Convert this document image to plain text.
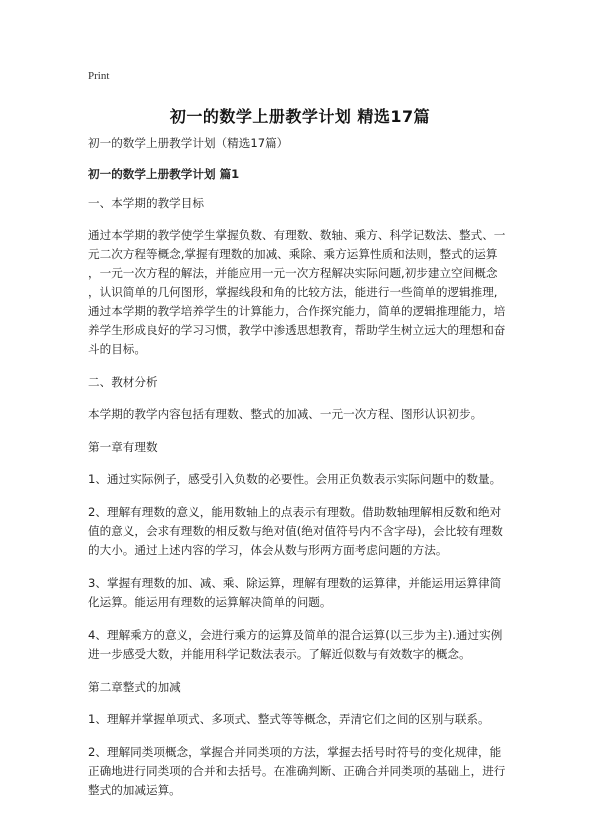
Print
初一的数学上册教学计划 精选17篇

初一的数学上册教学计划（精选17篇）

初一的数学上册教学计划 篇1

一、本学期的教学目标

通过本学期的教学使学生掌握负数、有理数、数轴、乘方、科学记数法、整式、一
元二次方程等概念,掌握有理数的加减、乘除、乘方运算性质和法则，整式的运算
，一元一次方程的解法，并能应用一元一次方程解决实际问题,初步建立空间概念
，认识简单的几何图形，掌握线段和角的比较方法，能进行一些简单的逻辑推理,
通过本学期的教学培养学生的计算能力，合作探究能力，简单的逻辑推理能力，培
养学生形成良好的学习习惯，教学中渗透思想教育，帮助学生树立远大的理想和奋
斗的目标。

二、教材分析

本学期的教学内容包括有理数、整式的加减、一元一次方程、图形认识初步。

第一章有理数

1、通过实际例子，感受引入负数的必要性。会用正负数表示实际问题中的数量。

2、理解有理数的意义，能用数轴上的点表示有理数。借助数轴理解相反数和绝对
值的意义，会求有理数的相反数与绝对值(绝对值符号内不含字母)，会比较有理数
的大小。通过上述内容的学习，体会从数与形两方面考虑问题的方法。

3、掌握有理数的加、减、乘、除运算，理解有理数的运算律，并能运用运算律简
化运算。能运用有理数的运算解决简单的问题。

4、理解乘方的意义，会进行乘方的运算及简单的混合运算(以三步为主).通过实例
进一步感受大数，并能用科学记数法表示。了解近似数与有效数字的概念。

第二章整式的加减

1、理解并掌握单项式、多项式、整式等等概念，弄清它们之间的区别与联系。

2、理解同类项概念，掌握合并同类项的方法，掌握去括号时符号的变化规律，能
正确地进行同类项的合并和去括号。在准确判断、正确合并同类项的基础上，进行
整式的加减运算。
